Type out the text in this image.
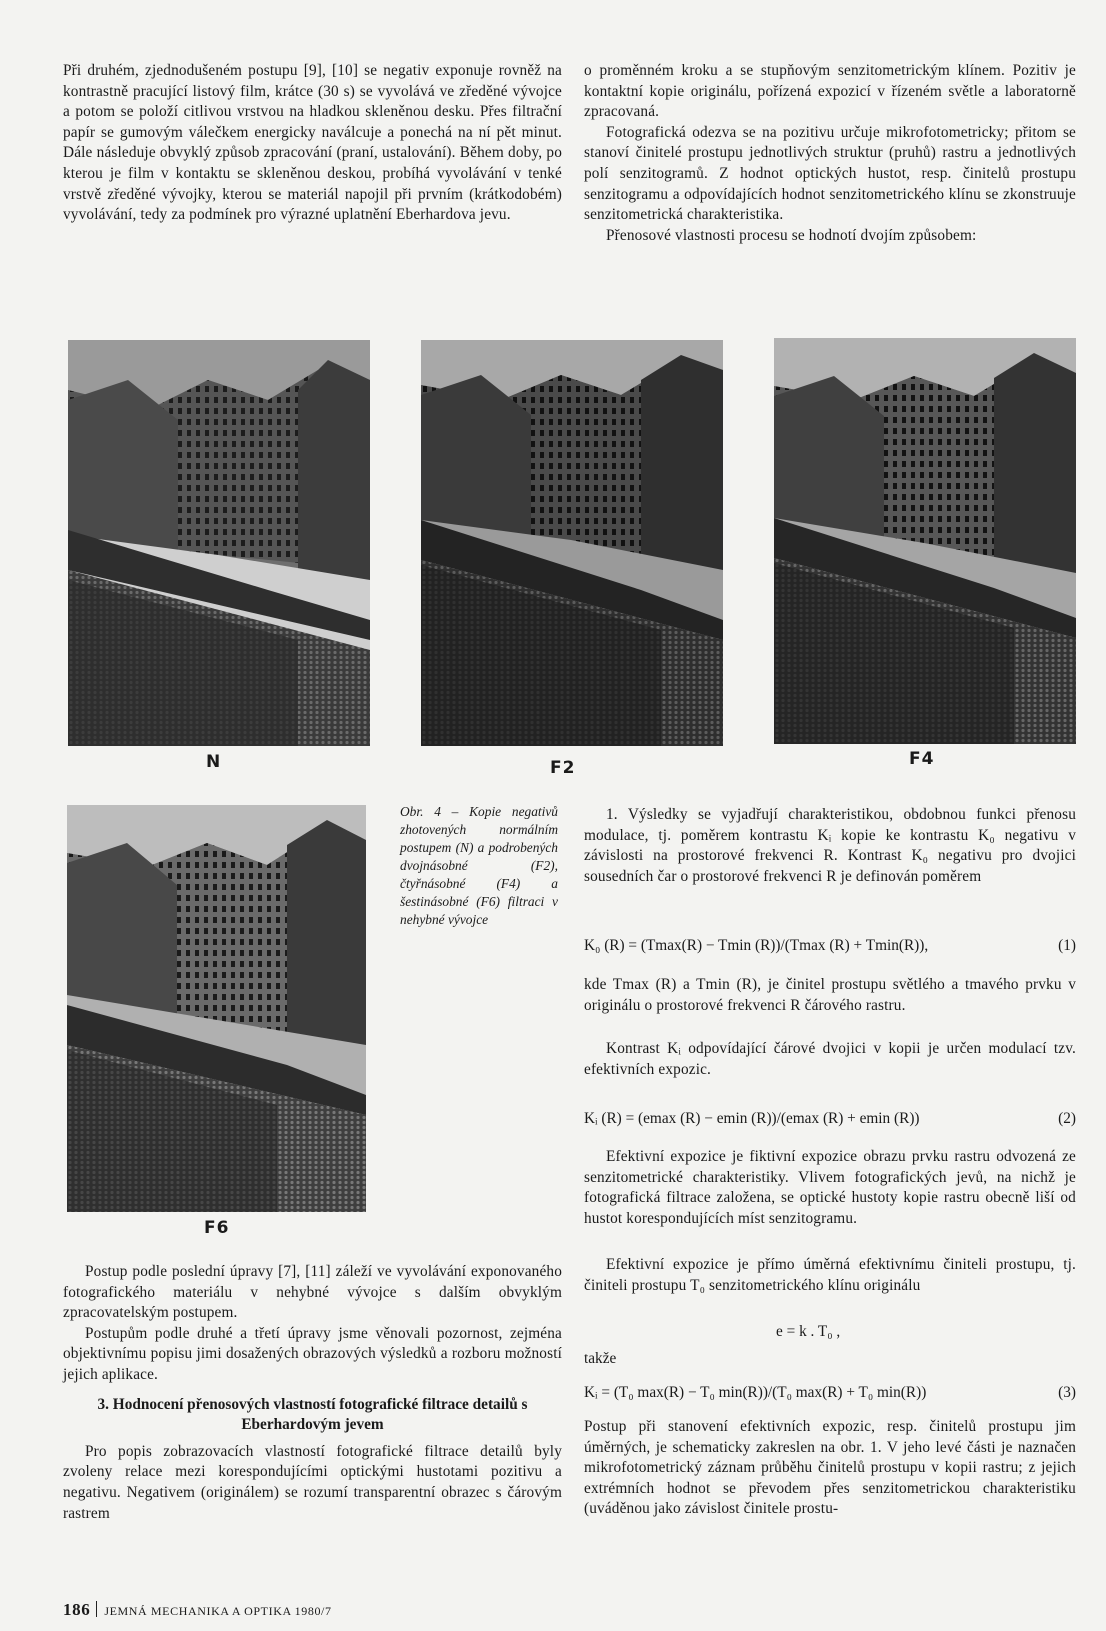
Při druhém, zjednodušeném postupu [9], [10] se negativ exponuje rovněž na kontrastně pracující listový film, krátce (30 s) se vyvolává ve zředěné vývojce a potom se položí citlivou vrstvou na hladkou skleněnou desku. Přes filtrační papír se gumovým válečkem energicky naválcuje a ponechá na ní pět minut. Dále následuje obvyklý způsob zpracování (praní, ustalování). Během doby, po kterou je film v kontaktu se skleněnou deskou, probíhá vyvolávání v tenké vrstvě zředěné vývojky, kterou se materiál napojil při prvním (krátkodobém) vyvolávání, tedy za podmínek pro výrazné uplatnění Eberhardova jevu.

o proměnném kroku a se stupňovým senzitometrickým klínem. Pozitiv je kontaktní kopie originálu, pořízená expozicí v řízeném světle a laboratorně zpracovaná.

Fotografická odezva se na pozitivu určuje mikrofotometricky; přitom se stanoví činitelé prostupu jednotlivých struktur (pruhů) rastru a jednotlivých polí senzitogramů. Z hodnot optických hustot, resp. činitelů prostupu senzitogramu a odpovídajících hodnot senzitometrického klínu se zkonstruuje senzitometrická charakteristika.

Přenosové vlastnosti procesu se hodnotí dvojím způsobem:

N	F2	F4
F6

Obr. 4 – Kopie negativů zhotovených normálním postupem (N) a podrobených dvojnásobné (F2), čtyřnásobné (F4) a šestinásobné (F6) filtraci v nehybné vývojce

Postup podle poslední úpravy [7], [11] záleží ve vyvolávání exponovaného fotografického materiálu v nehybné vývojce s dalším obvyklým zpracovatelským postupem.

Postupům podle druhé a třetí úpravy jsme věnovali pozornost, zejména objektivnímu popisu jimi dosažených obrazových výsledků a rozboru možností jejich aplikace.

3. Hodnocení přenosových vlastností fotografické filtrace detailů s Eberhardovým jevem

Pro popis zobrazovacích vlastností fotografické filtrace detailů byly zvoleny relace mezi korespondujícími optickými hustotami pozitivu a negativu. Negativem (originálem) se rozumí transparentní obrazec s čárovým rastrem

1. Výsledky se vyjadřují charakteristikou, obdobnou funkci přenosu modulace, tj. poměrem kontrastu Kᵢ kopie ke kontrastu K₀ negativu v závislosti na prostorové frekvenci R. Kontrast K₀ negativu pro dvojici sousedních čar o prostorové frekvenci R je definován poměrem

K₀ (R) = (Tmax(R) − Tmin (R))/(Tmax (R) + Tmin(R)),	(1)

kde Tmax (R) a Tmin (R), je činitel prostupu světlého a tmavého prvku v originálu o prostorové frekvenci R čárového rastru.

Kontrast Kᵢ odpovídající čárové dvojici v kopii je určen modulací tzv. efektivních expozic.

Kᵢ (R) = (emax (R) − emin (R))/(emax (R) + emin (R))	(2)

Efektivní expozice je fiktivní expozice obrazu prvku rastru odvozená ze senzitometrické charakteristiky. Vlivem fotografických jevů, na nichž je fotografická filtrace založena, se optické hustoty kopie rastru obecně liší od hustot korespondujících míst senzitogramu.

Efektivní expozice je přímo úměrná efektivnímu činiteli prostupu, tj. činiteli prostupu T₀ senzitometrického klínu originálu

e = k . T₀ ,
takže
Kᵢ = (T₀ max(R) − T₀ min(R))/(T₀ max(R) + T₀ min(R))	(3)

Postup při stanovení efektivních expozic, resp. činitelů prostupu jim úměrných, je schematicky zakreslen na obr. 1. V jeho levé části je naznačen mikrofotometrický záznam průběhu činitelů prostupu v kopii rastru; z jejich extrémních hodnot se převodem přes senzitometrickou charakteristiku (uváděnou jako závislost činitele prostu-

186 JEMNÁ MECHANIKA A OPTIKA 1980/7
